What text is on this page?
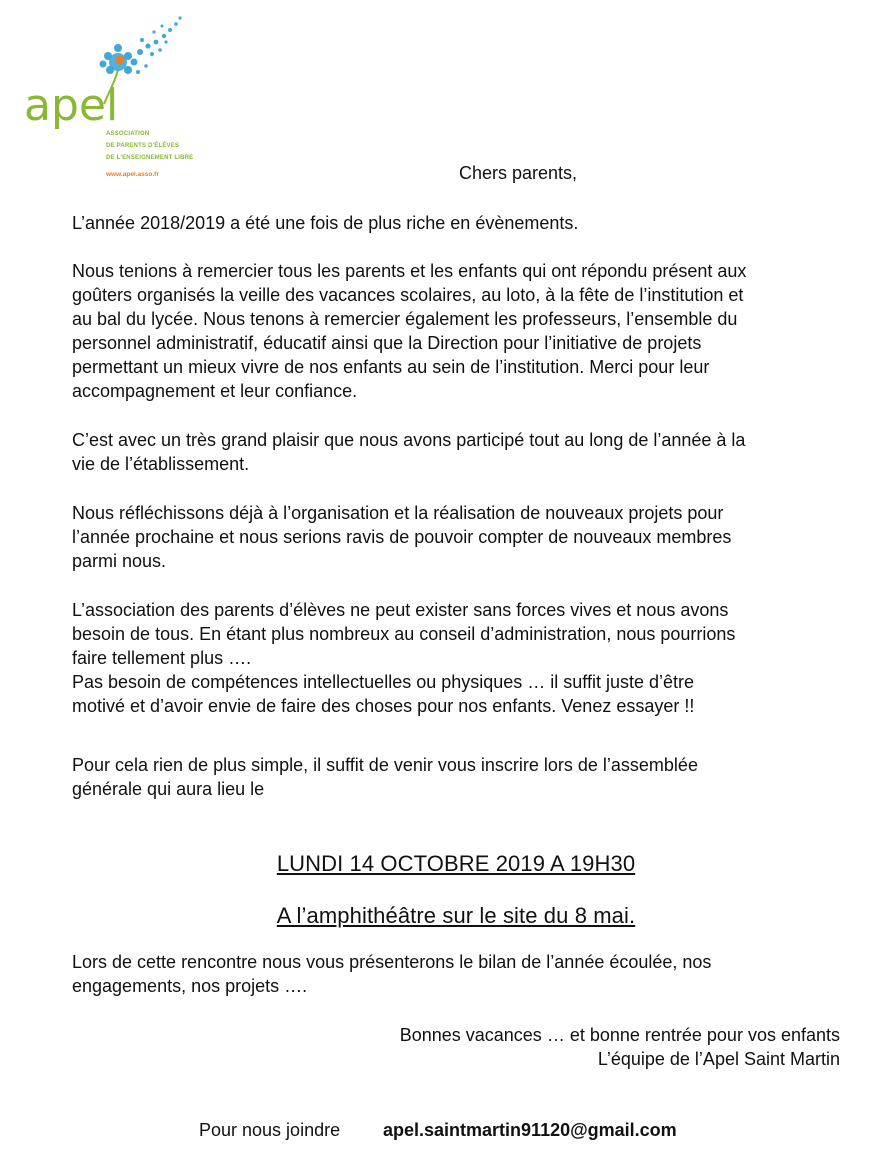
apel
ASSOCIATION
DE PARENTS D'ÉLÈVES
DE L'ENSEIGNEMENT LIBRE
www.apel.asso.fr	Chers parents,
L’année 2018/2019 a été une fois de plus riche en évènements.
Nous tenions à remercier tous les parents et les enfants qui ont répondu présent aux
goûters organisés la veille des vacances scolaires, au loto, à la fête de l’institution et
au bal du lycée. Nous tenons à remercier également les professeurs, l’ensemble du
personnel administratif, éducatif ainsi que la Direction pour l’initiative de projets
permettant un mieux vivre de nos enfants au sein de l’institution. Merci pour leur
accompagnement et leur confiance.
C’est avec un très grand plaisir que nous avons participé tout au long de l’année à la
vie de l’établissement.
Nous réfléchissons déjà à l’organisation et la réalisation de nouveaux projets pour
l’année prochaine et nous serions ravis de pouvoir compter de nouveaux membres
parmi nous.
L’association des parents d’élèves ne peut exister sans forces vives et nous avons
besoin de tous. En étant plus nombreux au conseil d’administration, nous pourrions
faire tellement plus ….
Pas besoin de compétences intellectuelles ou physiques … il suffit juste d’être
motivé et d’avoir envie de faire des choses pour nos enfants. Venez essayer !!
Pour cela rien de plus simple, il suffit de venir vous inscrire lors de l’assemblée
générale qui aura lieu le
LUNDI 14 OCTOBRE 2019 A 19H30
A l’amphithéâtre sur le site du 8 mai.
Lors de cette rencontre nous vous présenterons le bilan de l’année écoulée, nos
engagements, nos projets ….
Bonnes vacances … et bonne rentrée pour vos enfants
L’équipe de l’Apel Saint Martin
Pour nous joindre apel.saintmartin91120@gmail.com
